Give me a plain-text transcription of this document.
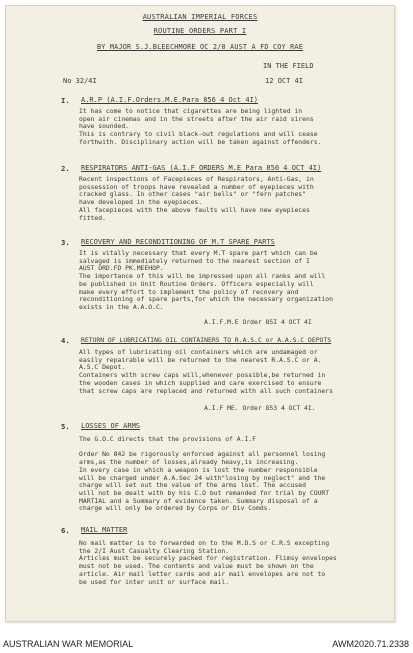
AUSTRALIAN IMPERIAL FORCES
ROUTINE ORDERS PART I
BY MAJOR S.J.BLEECHMORE OC 2/8 AUST A FD COY RAE
IN THE FIELD
No 32/4I	12 OCT 4I
I. A.R.P (A.I.F.Orders.M.E.Para 856 4 Oct 4I)
It has come to notice that cigarettes are being lighted in
open air cinemas and in the streets after the air raid sirens
have sounded.
This is contrary to civil black-out regulations and will cease
forthwith. Disciplinary action will be taken against offenders.
2. RESPIRATORS ANTI-GAS (A.I.F ORDERS M.E Para 850 4 OCT 4I)
Recent inspections of Facepieces of Respirators, Anti-Gas, in
possession of troops have revealed a number of eyepieces with
cracked glass. In other cases "air bells" or "fern patches"
have developed in the eyepieces.
All facepieces with the above faults will have new eyepieces
fitted.
3. RECOVERY AND RECONDITIONING OF M.T SPARE PARTS
It is vitally necessary that every M.T spare part which can be
salvaged is immediately returned to the nearest section of I
AUST ORD.FD PK.MEEHOP.
The importance of this will be impressed upon all ranks and will
be published in Unit Routine Orders. Officers especially will
make every effort to implement the policy of recovery and
reconditioning of spare parts,for which the necessary organization
exists in the A.A.O.C.
A.I.F.M.E Order 85I 4 OCT 4I
4. RETURN OF LUBRICATING OIL CONTAINERS TO R.A.S.C or A.A.S.C DEPOTS
All types of lubricating oil containers which are undamaged or
easily repairable will be returned to the nearest R.A.S.C or A.
A.S.C Depot.
Containers with screw caps will,whenever possible,be returned in
the wooden cases in which supplied and care exercised to ensure
that screw caps are replaced and returned with all such containers
A.I.F ME. Order 853 4 OCT 4I.
5. LOSSES OF ARMS
The G.O.C directs that the provisions of A.I.F

Order No 842 be rigorously enforced against all personnel losing
arms,as the number of losses,already heavy,is increasing.
In every case in which a weapon is lost the number responsible
will be charged under A.A.Sec 24 with"losing by neglect" and the
charge will set out the value of the arms lost. The accused
will not be dealt with by his C.O but remanded for trial by COURT
MARTIAL and a Summary of evidence taken. Summary disposal of a
charge will only be ordered by Corps or Div Comds.
6. MAIL MATTER
No mail matter is to forwarded on to the M.D.S or C.R.S excepting
the 2/I Aust Casualty Clearing Station.
Articles must be securely packed for registration. Flimsy envelopes
must not be used. The contents and value must be shown on the
article. Air mail letter cards and air mail envelopes are not to
be used for inter unit or surface mail.
AUSTRALIAN WAR MEMORIAL	AWM2020.71.2338
